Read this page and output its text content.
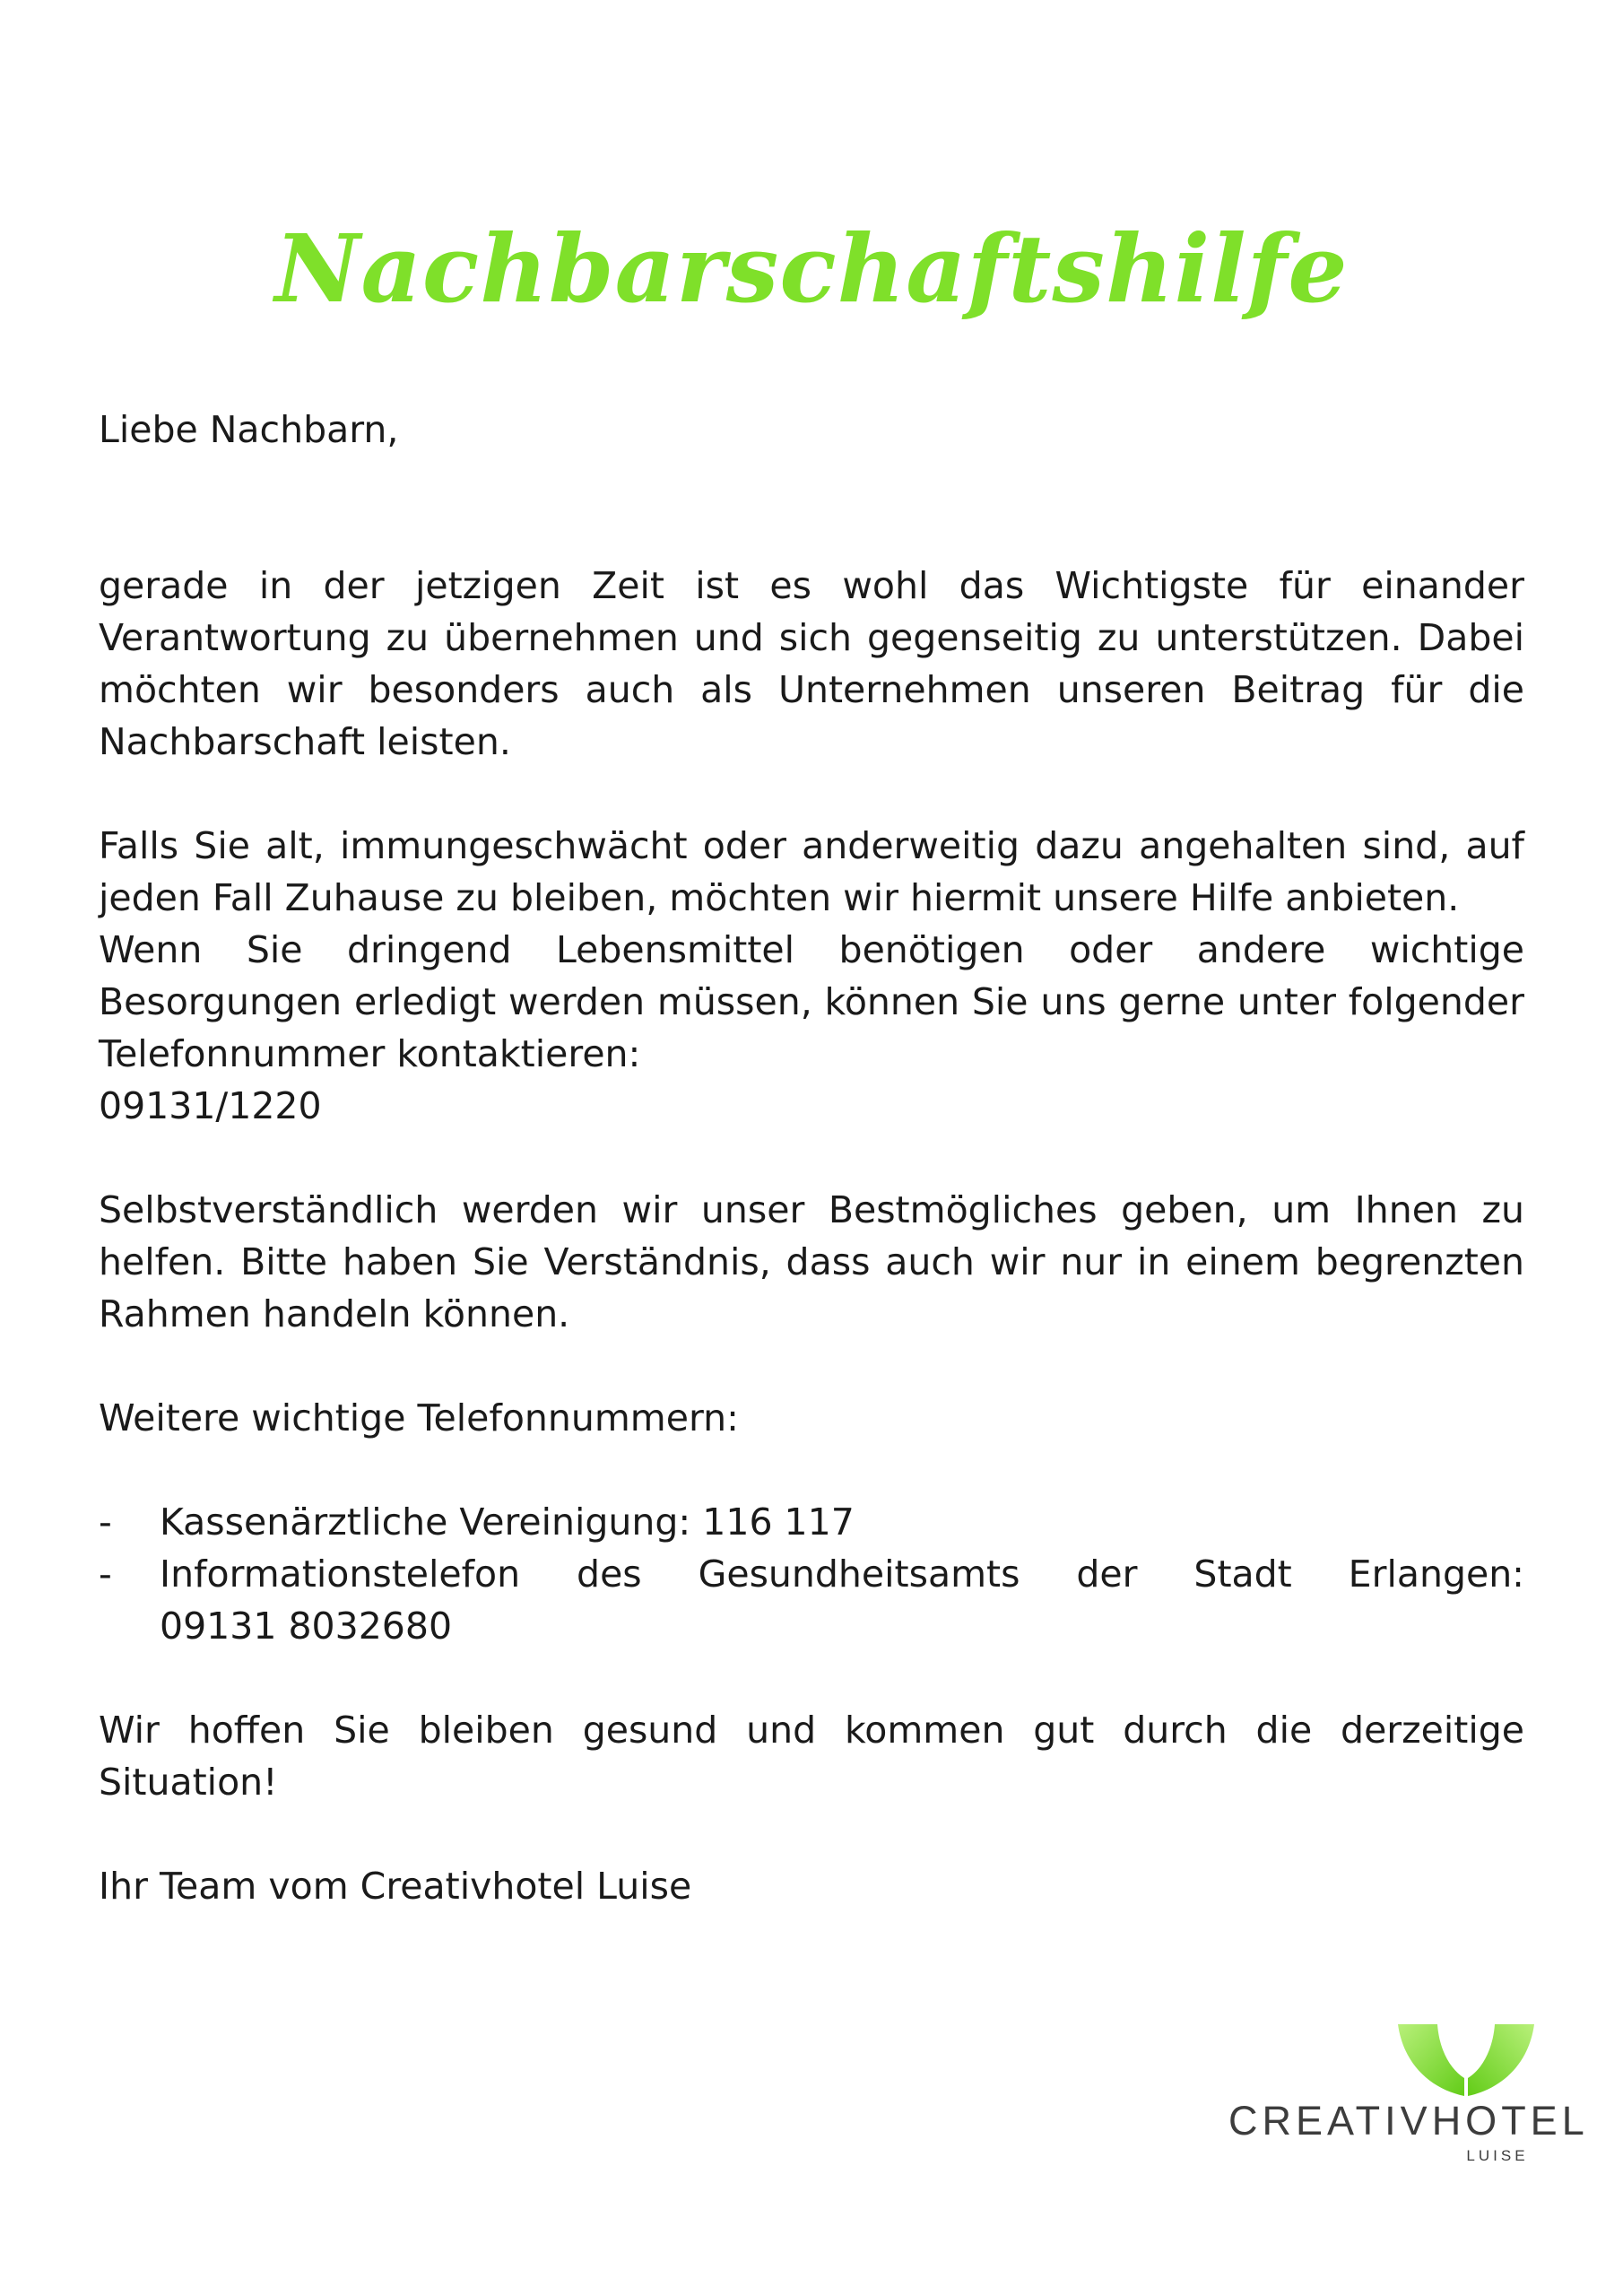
Nachbarschaftshilfe

Liebe Nachbarn,

gerade in der jetzigen Zeit ist es wohl das Wichtigste für einander Verantwortung zu übernehmen und sich gegenseitig zu unterstützen. Dabei möchten wir besonders auch als Unternehmen unseren Beitrag für die Nachbarschaft leisten.

Falls Sie alt, immungeschwächt oder anderweitig dazu angehalten sind, auf jeden Fall Zuhause zu bleiben, möchten wir hiermit unsere Hilfe anbieten.

Wenn Sie dringend Lebensmittel benötigen oder andere wichtige Besorgungen erledigt werden müssen, können Sie uns gerne unter folgender Telefonnummer kontaktieren:

09131/1220

Selbstverständlich werden wir unser Bestmögliches geben, um Ihnen zu helfen. Bitte haben Sie Verständnis, dass auch wir nur in einem begrenzten Rahmen handeln können.

Weitere wichtige Telefonnummern:

-	Kassenärztliche Vereinigung: 116 117
-	Informationstelefon des Gesundheitsamts der Stadt Erlangen:
09131 8032680

Wir hoffen Sie bleiben gesund und kommen gut durch die derzeitige Situation!

Ihr Team vom Creativhotel Luise

CREATIVHOTEL
LUISE
